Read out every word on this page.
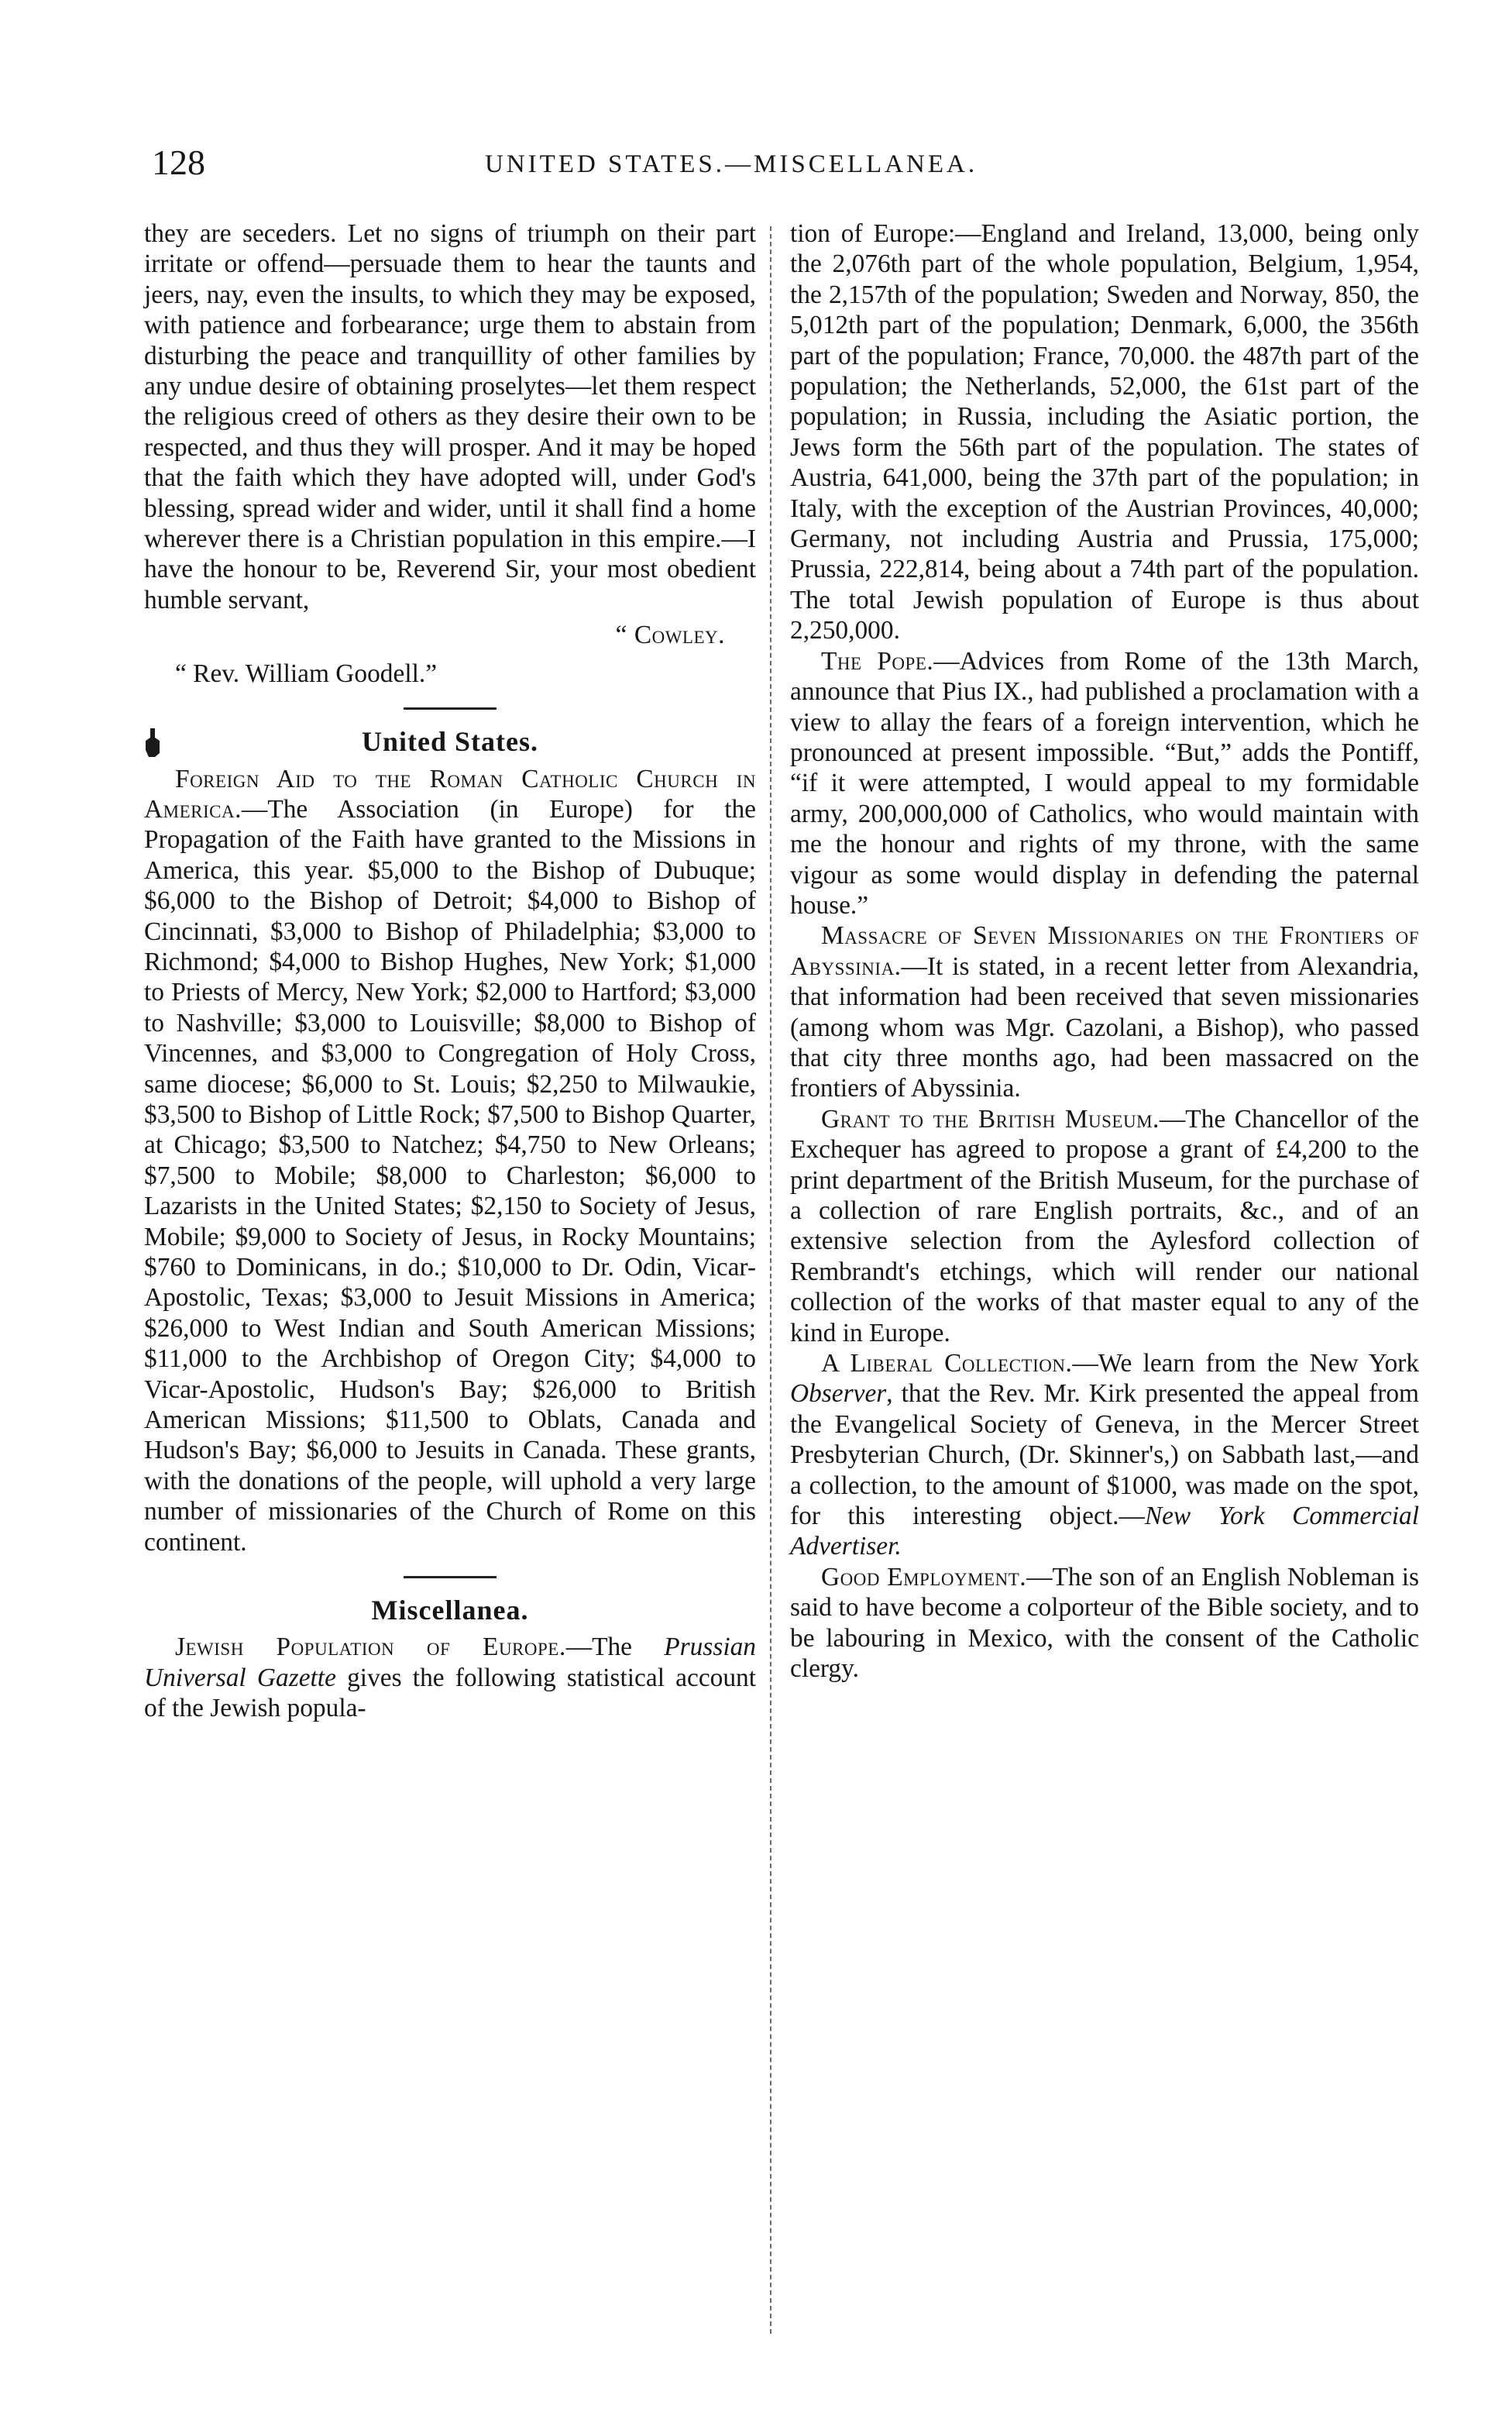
128	UNITED STATES.—MISCELLANEA.

they are seceders. Let no signs of triumph on their part irritate or offend—persuade them to hear the taunts and jeers, nay, even the insults, to which they may be exposed, with patience and forbearance; urge them to abstain from disturbing the peace and tranquillity of other families by any undue desire of obtaining proselytes—let them respect the religious creed of others as they desire their own to be respected, and thus they will prosper. And it may be hoped that the faith which they have adopted will, under God's blessing, spread wider and wider, until it shall find a home wherever there is a Christian population in this empire.—I have the honour to be, Reverend Sir, your most obedient humble servant,

“ Cowley.

“ Rev. William Goodell.”

United States.

Foreign Aid to the Roman Catholic Church in America.—The Association (in Europe) for the Propagation of the Faith have granted to the Missions in America, this year. $5,000 to the Bishop of Dubuque; $6,000 to the Bishop of Detroit; $4,000 to Bishop of Cincinnati, $3,000 to Bishop of Philadelphia; $3,000 to Richmond; $4,000 to Bishop Hughes, New York; $1,000 to Priests of Mercy, New York; $2,000 to Hartford; $3,000 to Nashville; $3,000 to Louisville; $8,000 to Bishop of Vincennes, and $3,000 to Congregation of Holy Cross, same diocese; $6,000 to St. Louis; $2,250 to Milwaukie, $3,500 to Bishop of Little Rock; $7,500 to Bishop Quarter, at Chicago; $3,500 to Natchez; $4,750 to New Orleans; $7,500 to Mobile; $8,000 to Charleston; $6,000 to Lazarists in the United States; $2,150 to Society of Jesus, Mobile; $9,000 to Society of Jesus, in Rocky Mountains; $760 to Dominicans, in do.; $10,000 to Dr. Odin, Vicar-Apostolic, Texas; $3,000 to Jesuit Missions in America; $26,000 to West Indian and South American Missions; $11,000 to the Archbishop of Oregon City; $4,000 to Vicar-Apostolic, Hudson's Bay; $26,000 to British American Missions; $11,500 to Oblats, Canada and Hudson's Bay; $6,000 to Jesuits in Canada. These grants, with the donations of the people, will uphold a very large number of missionaries of the Church of Rome on this continent.

Miscellanea.

Jewish Population of Europe.—The Prussian Universal Gazette gives the following statistical account of the Jewish popula-

tion of Europe:—England and Ireland, 13,000, being only the 2,076th part of the whole population, Belgium, 1,954, the 2,157th of the population; Sweden and Norway, 850, the 5,012th part of the population; Denmark, 6,000, the 356th part of the population; France, 70,000. the 487th part of the population; the Netherlands, 52,000, the 61st part of the population; in Russia, including the Asiatic portion, the Jews form the 56th part of the population. The states of Austria, 641,000, being the 37th part of the population; in Italy, with the exception of the Austrian Provinces, 40,000; Germany, not including Austria and Prussia, 175,000; Prussia, 222,814, being about a 74th part of the population. The total Jewish population of Europe is thus about 2,250,000.

The Pope.—Advices from Rome of the 13th March, announce that Pius IX., had published a proclamation with a view to allay the fears of a foreign intervention, which he pronounced at present impossible. “But,” adds the Pontiff, “if it were attempted, I would appeal to my formidable army, 200,000,000 of Catholics, who would maintain with me the honour and rights of my throne, with the same vigour as some would display in defending the paternal house.”

Massacre of Seven Missionaries on the Frontiers of Abyssinia.—It is stated, in a recent letter from Alexandria, that information had been received that seven missionaries (among whom was Mgr. Cazolani, a Bishop), who passed that city three months ago, had been massacred on the frontiers of Abyssinia.

Grant to the British Museum.—The Chancellor of the Exchequer has agreed to propose a grant of £4,200 to the print department of the British Museum, for the purchase of a collection of rare English portraits, &c., and of an extensive selection from the Aylesford collection of Rembrandt's etchings, which will render our national collection of the works of that master equal to any of the kind in Europe.

A Liberal Collection.—We learn from the New York Observer, that the Rev. Mr. Kirk presented the appeal from the Evangelical Society of Geneva, in the Mercer Street Presbyterian Church, (Dr. Skinner's,) on Sabbath last,—and a collection, to the amount of $1000, was made on the spot, for this interesting object.—New York Commercial Advertiser.

Good Employment.—The son of an English Nobleman is said to have become a colporteur of the Bible society, and to be labouring in Mexico, with the consent of the Catholic clergy.
